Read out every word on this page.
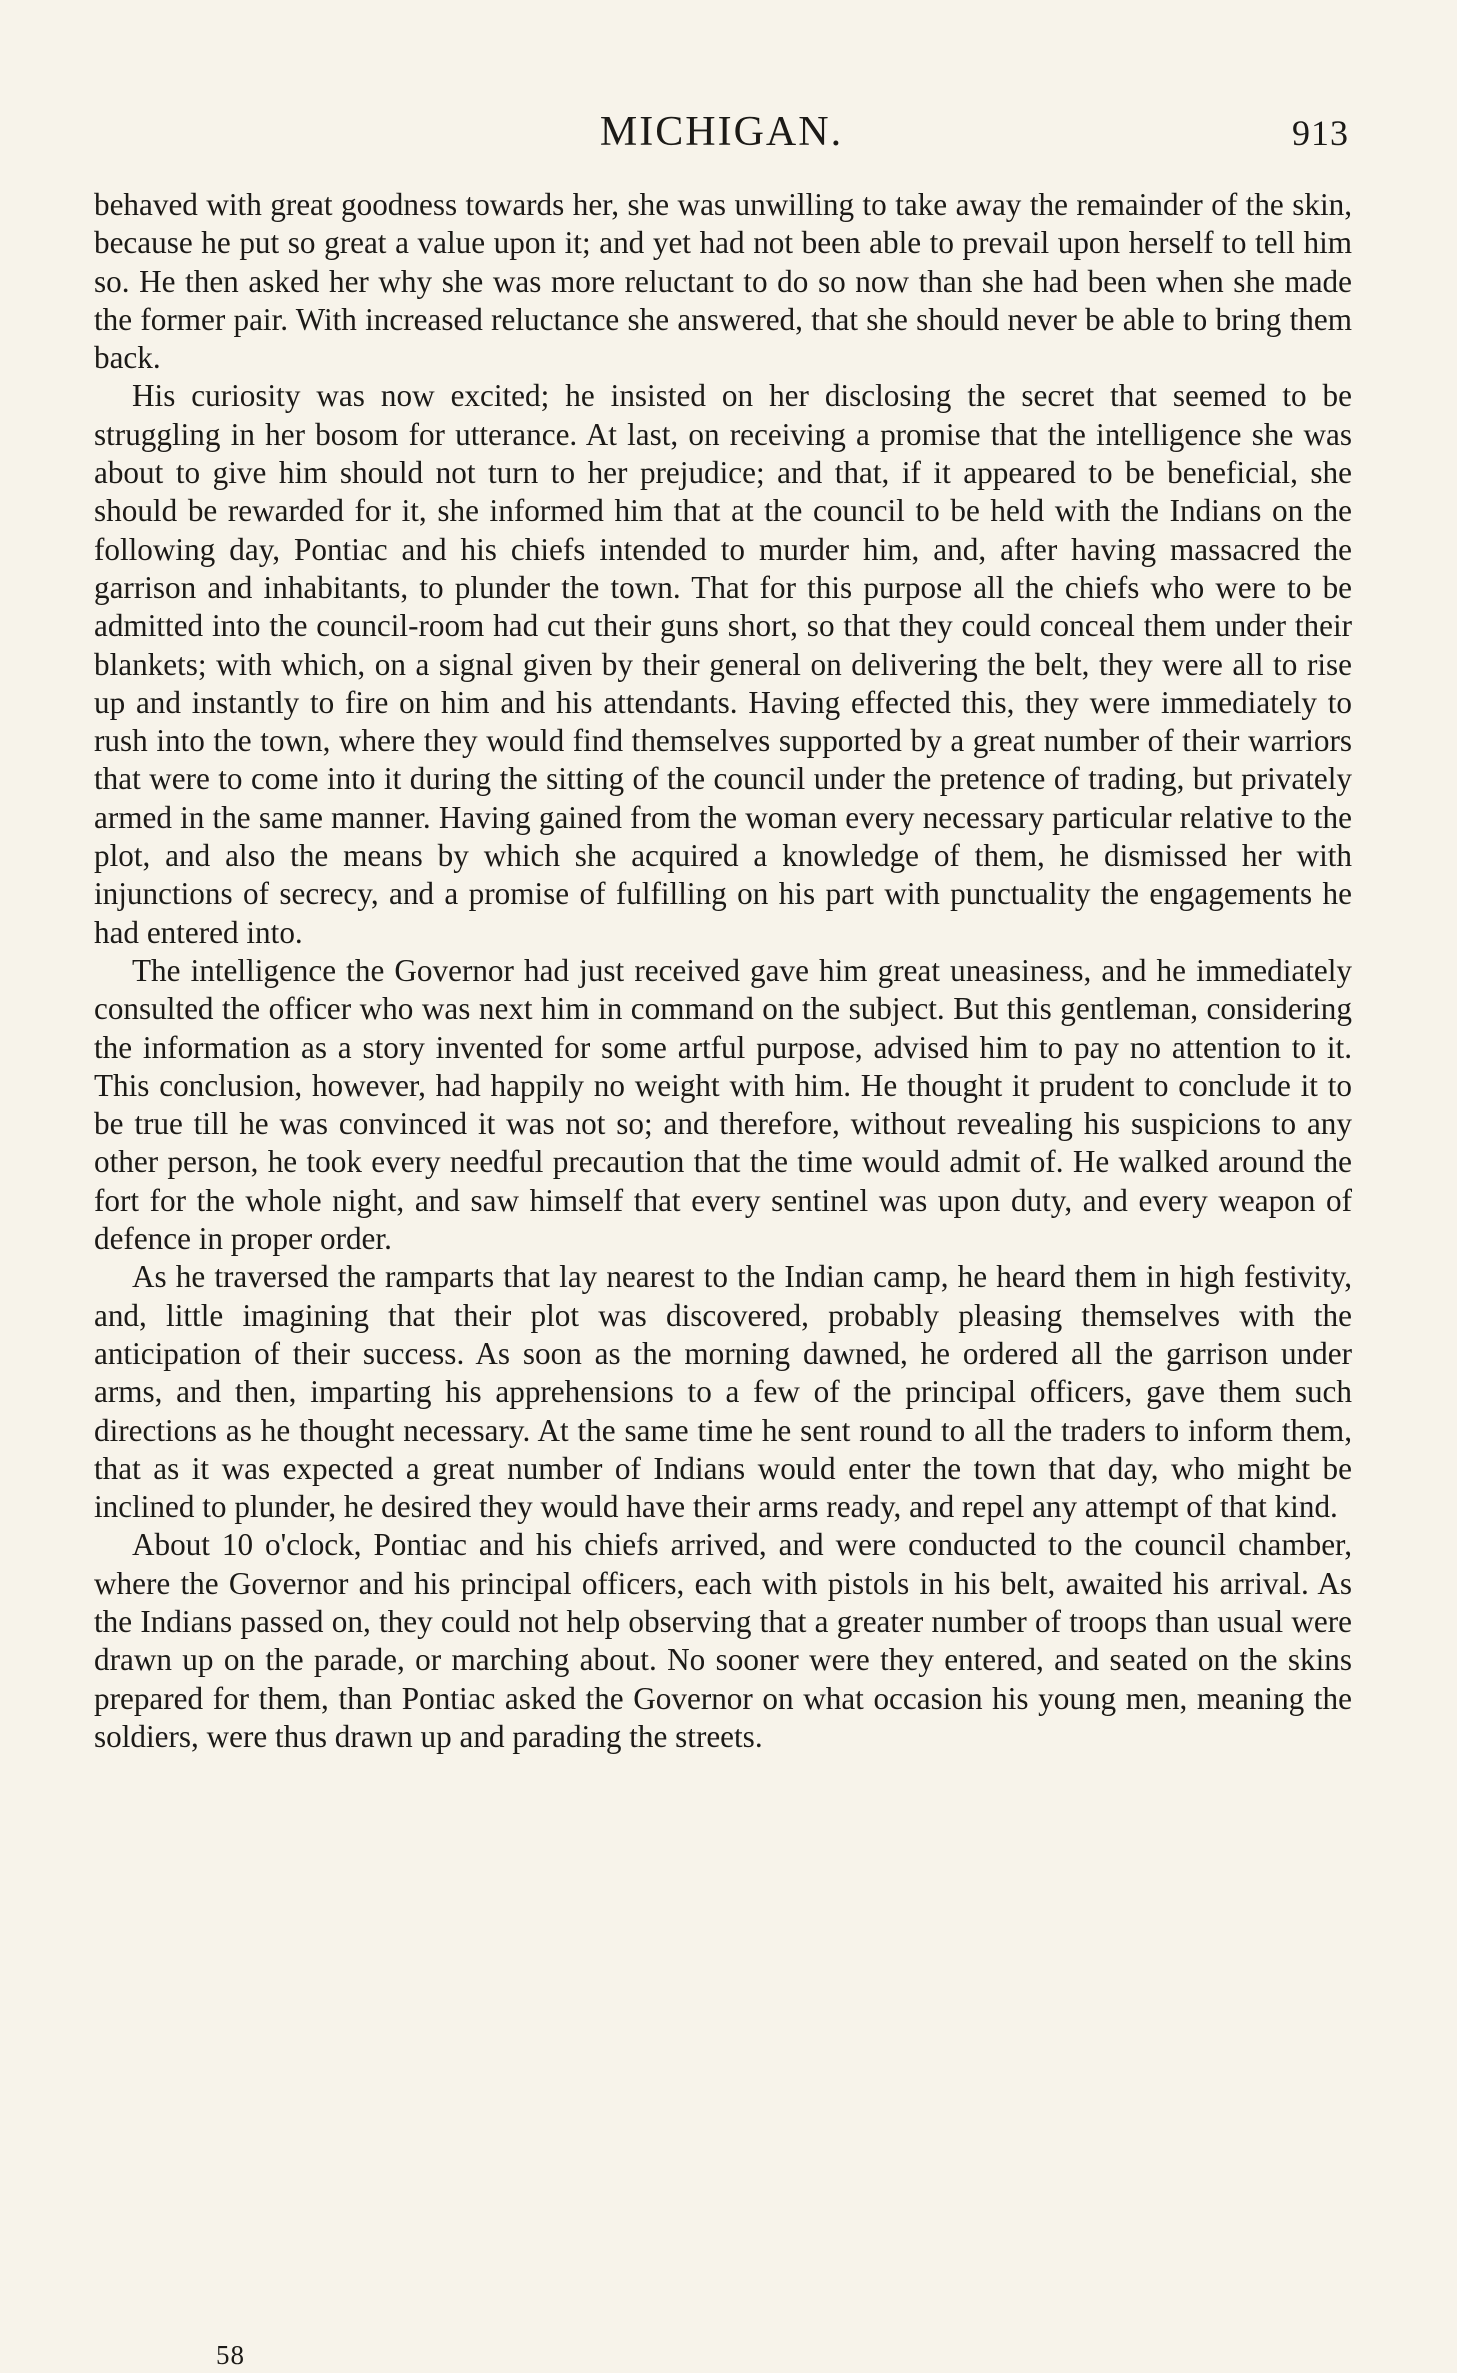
MICHIGAN.	913

behaved with great goodness towards her, she was unwilling to take away the remainder of the skin, because he put so great a value upon it; and yet had not been able to prevail upon herself to tell him so. He then asked her why she was more reluctant to do so now than she had been when she made the former pair. With increased reluctance she answered, that she should never be able to bring them back.

His curiosity was now excited; he insisted on her disclosing the secret that seemed to be struggling in her bosom for utterance. At last, on receiving a promise that the intelligence she was about to give him should not turn to her prejudice; and that, if it appeared to be beneficial, she should be rewarded for it, she informed him that at the council to be held with the Indians on the following day, Pontiac and his chiefs intended to murder him, and, after having massacred the garrison and inhabitants, to plunder the town. That for this purpose all the chiefs who were to be admitted into the council-room had cut their guns short, so that they could conceal them under their blankets; with which, on a signal given by their general on delivering the belt, they were all to rise up and instantly to fire on him and his attendants. Having effected this, they were immediately to rush into the town, where they would find themselves supported by a great number of their warriors that were to come into it during the sitting of the council under the pretence of trading, but privately armed in the same manner. Having gained from the woman every necessary particular relative to the plot, and also the means by which she acquired a knowledge of them, he dismissed her with injunctions of secrecy, and a promise of fulfilling on his part with punctuality the engagements he had entered into.

The intelligence the Governor had just received gave him great uneasiness, and he immediately consulted the officer who was next him in command on the subject. But this gentleman, considering the information as a story invented for some artful purpose, advised him to pay no attention to it. This conclusion, however, had happily no weight with him. He thought it prudent to conclude it to be true till he was convinced it was not so; and therefore, without revealing his suspicions to any other person, he took every needful precaution that the time would admit of. He walked around the fort for the whole night, and saw himself that every sentinel was upon duty, and every weapon of defence in proper order.

As he traversed the ramparts that lay nearest to the Indian camp, he heard them in high festivity, and, little imagining that their plot was discovered, probably pleasing themselves with the anticipation of their success. As soon as the morning dawned, he ordered all the garrison under arms, and then, imparting his apprehensions to a few of the principal officers, gave them such directions as he thought necessary. At the same time he sent round to all the traders to inform them, that as it was expected a great number of Indians would enter the town that day, who might be inclined to plunder, he desired they would have their arms ready, and repel any attempt of that kind.

About 10 o'clock, Pontiac and his chiefs arrived, and were conducted to the council chamber, where the Governor and his principal officers, each with pistols in his belt, awaited his arrival. As the Indians passed on, they could not help observing that a greater number of troops than usual were drawn up on the parade, or marching about. No sooner were they entered, and seated on the skins prepared for them, than Pontiac asked the Governor on what occasion his young men, meaning the soldiers, were thus drawn up and parading the streets.

58
